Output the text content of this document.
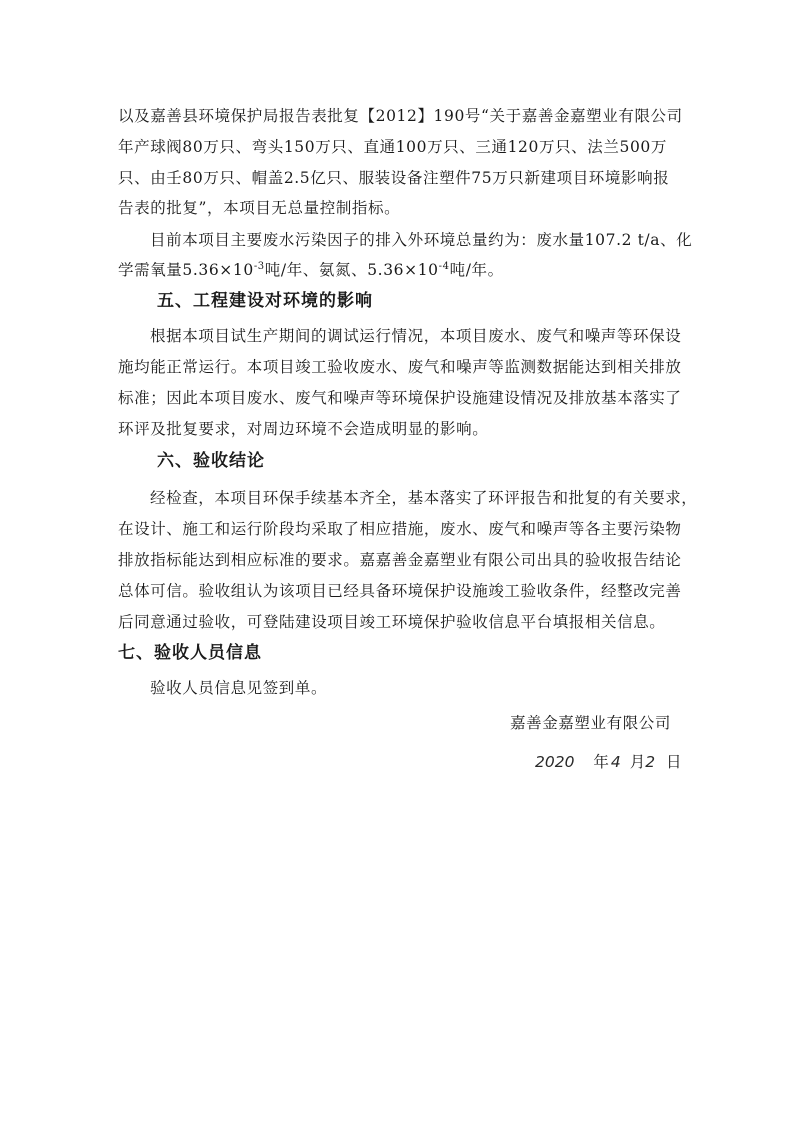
以及嘉善县环境保护局报告表批复【2012】190号“关于嘉善金嘉塑业有限公司
年产球阀80万只、弯头150万只、直通100万只、三通120万只、法兰500万
只、由壬80万只、帽盖2.5亿只、服装设备注塑件75万只新建项目环境影响报
告表的批复”，本项目无总量控制指标。
目前本项目主要废水污染因子的排入外环境总量约为：废水量107.2 t/a、化
学需氧量$5.36\times 10^{-3}$吨/年、氨氮、$5.36\times 10^{-4}$吨/年。
五、工程建设对环境的影响
根据本项目试生产期间的调试运行情况，本项目废水、废气和噪声等环保设
施均能正常运行。本项目竣工验收废水、废气和噪声等监测数据能达到相关排放
标准；因此本项目废水、废气和噪声等环境保护设施建设情况及排放基本落实了
环评及批复要求，对周边环境不会造成明显的影响。
六、验收结论
经检查，本项目环保手续基本齐全，基本落实了环评报告和批复的有关要求，
在设计、施工和运行阶段均采取了相应措施，废水、废气和噪声等各主要污染物
排放指标能达到相应标准的要求。嘉嘉善金嘉塑业有限公司出具的验收报告结论
总体可信。验收组认为该项目已经具备环境保护设施竣工验收条件，经整改完善
后同意通过验收，可登陆建设项目竣工环境保护验收信息平台填报相关信息。
七、验收人员信息
验收人员信息见签到单。
嘉善金嘉塑业有限公司
2020 年 4 月2 日
